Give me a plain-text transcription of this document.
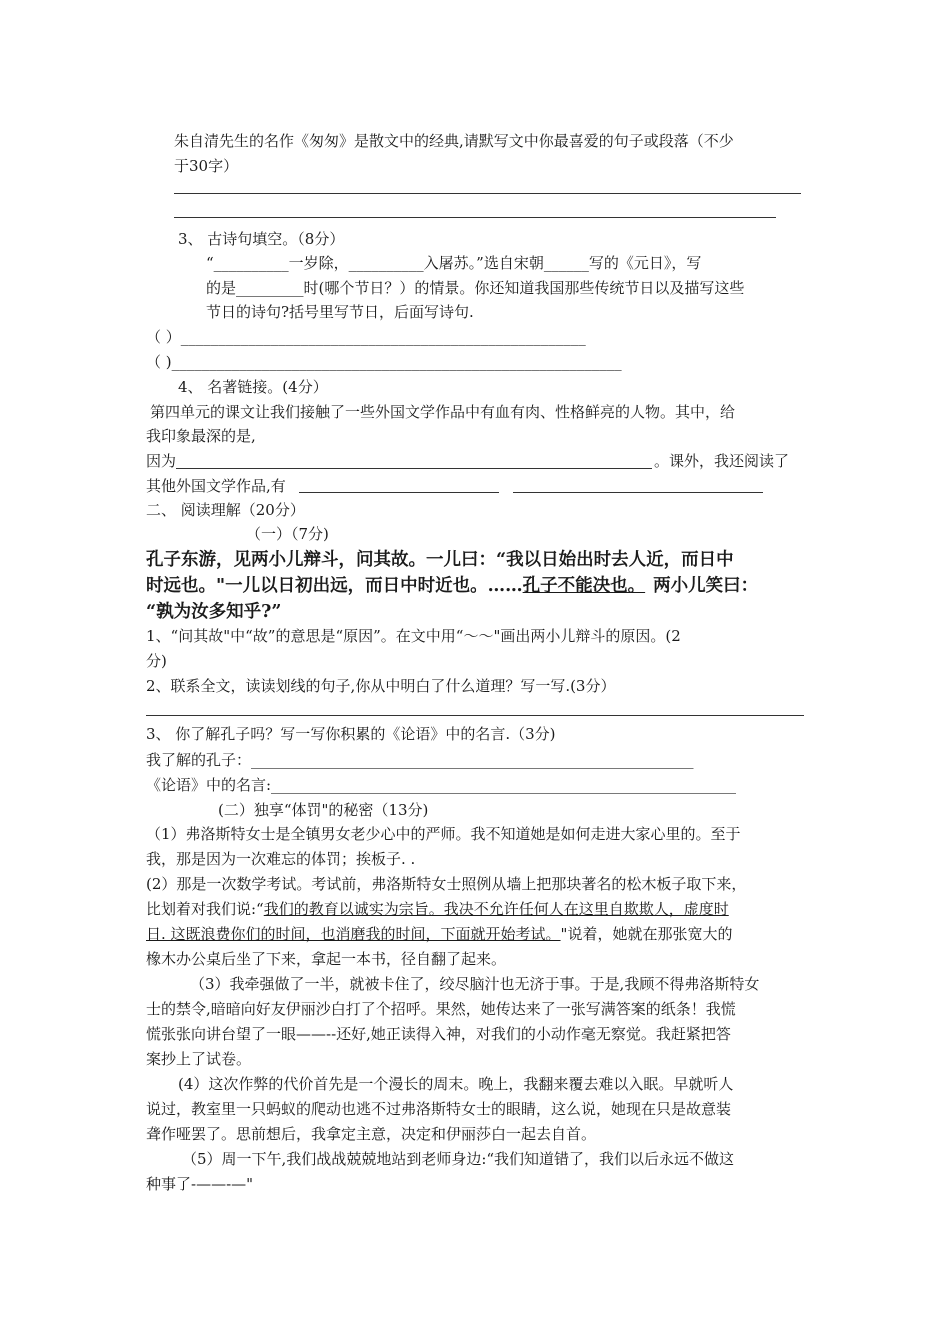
朱自清先生的名作《匆匆》是散文中的经典,请默写文中你最喜爱的句子或段落（不少
于30字）
3、 古诗句填空。（8分）
“__________一岁除，__________入屠苏。”选自宋朝______写的《元日》，写
的是_________时(哪个节日？）的情景。你还知道我国那些传统节日以及描写这些
节日的诗句?括号里写节日，后面写诗句.
（ ）______________________________________________________
（ )____________________________________________________________
4、 名著链接。(4分）
第四单元的课文让我们接触了一些外国文学作品中有血有肉、性格鲜亮的人物。其中，给
我印象最深的是,
因为	。课外，我还阅读了
其他外国文学作品,有
二、 阅读理解（20分）
（一）（7分)
孔子东游，见两小儿辩斗，问其故。一儿曰：“我以日始出时去人近，而日中
时远也。"一儿以日初出远，而日中时近也。……孔子不能决也。 两小儿笑曰：
“孰为汝多知乎?”
1、“问其故"中“故”的意思是“原因”。在文中用“～～"画出两小儿辩斗的原因。(2
分)
2、联系全文，读读划线的句子,你从中明白了什么道理？写一写.(3分）
3、 你了解孔子吗？写一写你积累的《论语》中的名言.（3分)
我了解的孔子：___________________________________________________________
《论语》中的名言:______________________________________________________________
(二）独享“体罚"的秘密（13分)
（1）弗洛斯特女士是全镇男女老少心中的严师。我不知道她是如何走进大家心里的。至于
我，那是因为一次难忘的体罚；挨板子. .
(2）那是一次数学考试。考试前，弗洛斯特女士照例从墙上把那块著名的松木板子取下来，
比划着对我们说:“我们的教育以诚实为宗旨。我决不允许任何人在这里自欺欺人，虚度时
日. 这既浪费你们的时间，也消磨我的时间，下面就开始考试。"说着，她就在那张宽大的
橡木办公桌后坐了下来，拿起一本书，径自翻了起来。
（3）我牵强做了一半，就被卡住了，绞尽脑汁也无济于事。于是,我顾不得弗洛斯特女
士的禁令,暗暗向好友伊丽沙白打了个招呼。果然，她传达来了一张写满答案的纸条！我慌
慌张张向讲台望了一眼——--还好,她正读得入神，对我们的小动作毫无察觉。我赶紧把答
案抄上了试卷。
(4）这次作弊的代价首先是一个漫长的周末。晚上，我翻来覆去难以入眠。早就听人
说过，教室里一只蚂蚁的爬动也逃不过弗洛斯特女士的眼睛，这么说，她现在只是故意装
聋作哑罢了。思前想后，我拿定主意，决定和伊丽莎白一起去自首。
（5）周一下午,我们战战兢兢地站到老师身边:“我们知道错了，我们以后永远不做这
种事了-——-—"
